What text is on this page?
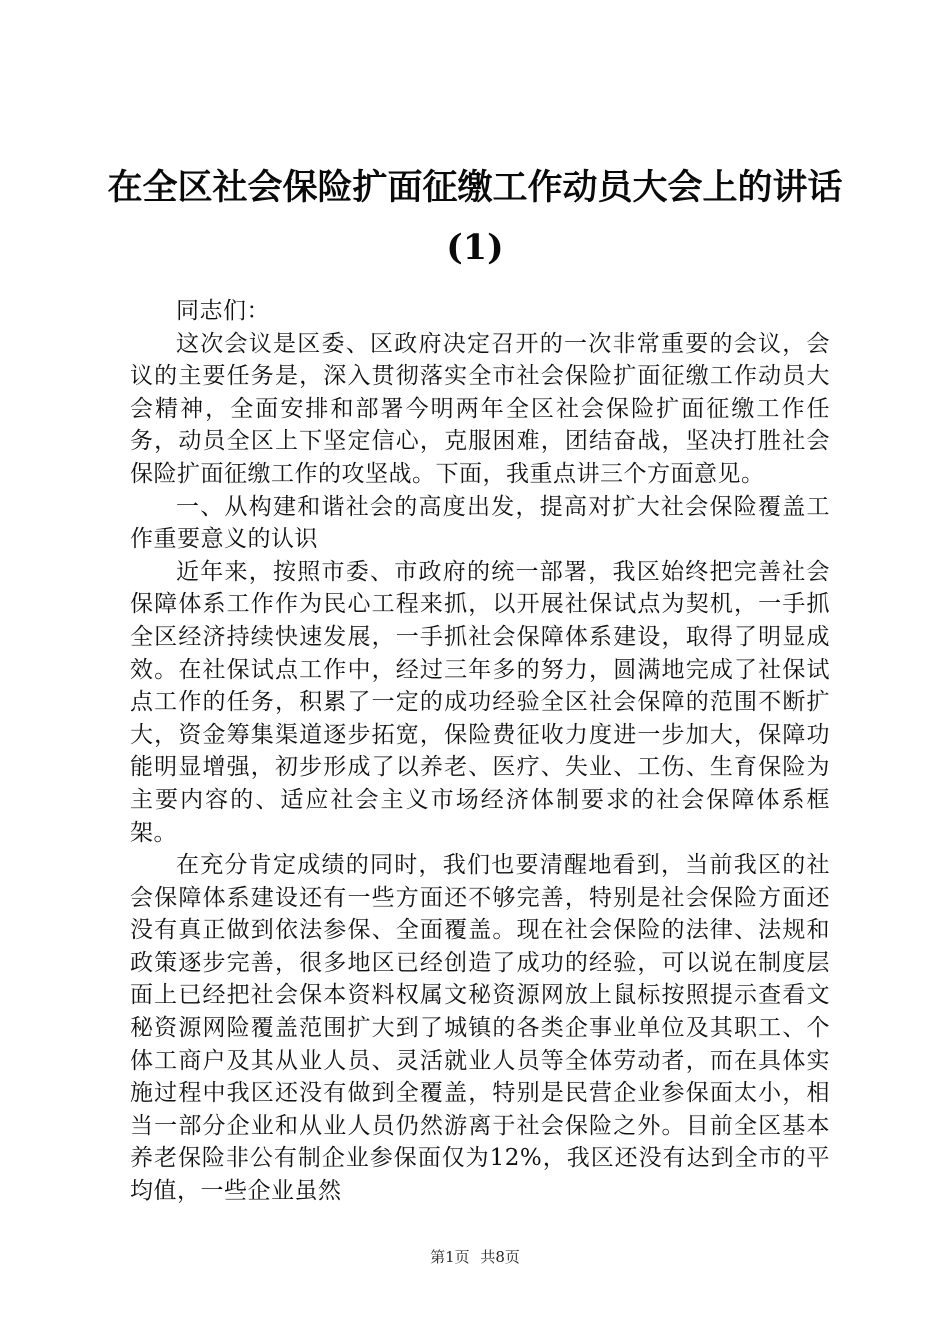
在全区社会保险扩面征缴工作动员大会上的讲话(1)

同志们：

这次会议是区委、区政府决定召开的一次非常重要的会议，会议的主要任务是，深入贯彻落实全市社会保险扩面征缴工作动员大会精神，全面安排和部署今明两年全区社会保险扩面征缴工作任务，动员全区上下坚定信心，克服困难，团结奋战，坚决打胜社会保险扩面征缴工作的攻坚战。下面，我重点讲三个方面意见。

一、从构建和谐社会的高度出发，提高对扩大社会保险覆盖工作重要意义的认识

近年来，按照市委、市政府的统一部署，我区始终把完善社会保障体系工作作为民心工程来抓，以开展社保试点为契机，一手抓全区经济持续快速发展，一手抓社会保障体系建设，取得了明显成效。在社保试点工作中，经过三年多的努力，圆满地完成了社保试点工作的任务，积累了一定的成功经验全区社会保障的范围不断扩大，资金筹集渠道逐步拓宽，保险费征收力度进一步加大，保障功能明显增强，初步形成了以养老、医疗、失业、工伤、生育保险为主要内容的、适应社会主义市场经济体制要求的社会保障体系框架。

在充分肯定成绩的同时，我们也要清醒地看到，当前我区的社会保障体系建设还有一些方面还不够完善，特别是社会保险方面还没有真正做到依法参保、全面覆盖。现在社会保险的法律、法规和政策逐步完善，很多地区已经创造了成功的经验，可以说在制度层面上已经把社会保本资料权属文秘资源网放上鼠标按照提示查看文秘资源网险覆盖范围扩大到了城镇的各类企事业单位及其职工、个体工商户及其从业人员、灵活就业人员等全体劳动者，而在具体实施过程中我区还没有做到全覆盖，特别是民营企业参保面太小，相当一部分企业和从业人员仍然游离于社会保险之外。目前全区基本养老保险非公有制企业参保面仅为12%，我区还没有达到全市的平均值，一些企业虽然

第1页 共8页
